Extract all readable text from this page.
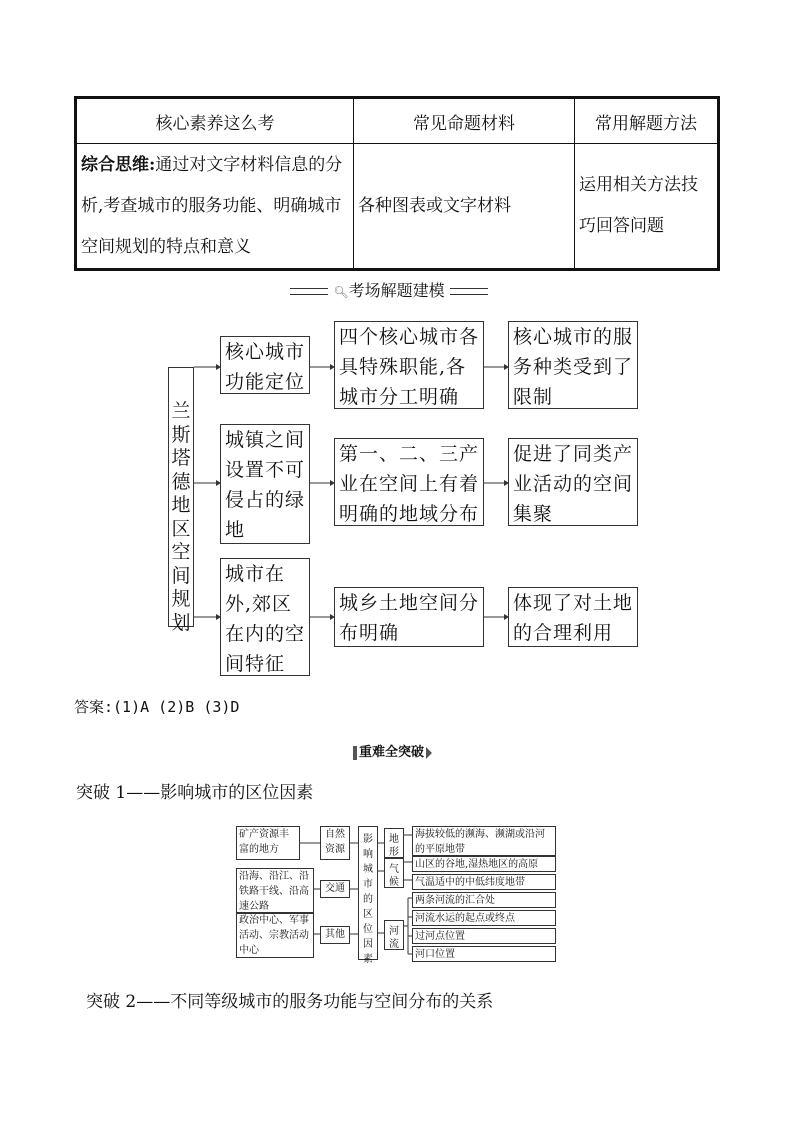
核心素养这么考	常见命题材料	常用解题方法
综合思维:通过对文字材料信息的分析,考查城市的服务功能、明确城市空间规划的特点和意义	各种图表或文字材料	运用相关方法技巧回答问题
🔍︎考场解题建模
兰斯塔德地区空间规划
核心城市功能定位
四个核心城市各具特殊职能,各城市分工明确
核心城市的服务种类受到了限制
城镇之间设置不可侵占的绿地
第一、二、三产业在空间上有着明确的地域分布
促进了同类产业活动的空间集聚
城市在外,郊区在内的空间特征
城乡土地空间分布明确
体现了对土地的合理利用
答案:(1)A (2)B (3)D
重难全突破
突破 1——影响城市的区位因素
矿产资源丰富的地方
沿海、沿江、沿铁路干线、沿高速公路
政治中心、军事活动、宗教活动中心
自然资源
交通
其他
影响城市的区位因素
地形
气候
河流
海拔较低的濒海、濒湖或沿河的平原地带
山区的谷地,湿热地区的高原
气温适中的中低纬度地带
两条河流的汇合处
河流水运的起点或终点
过河点位置
河口位置
突破 2——不同等级城市的服务功能与空间分布的关系
